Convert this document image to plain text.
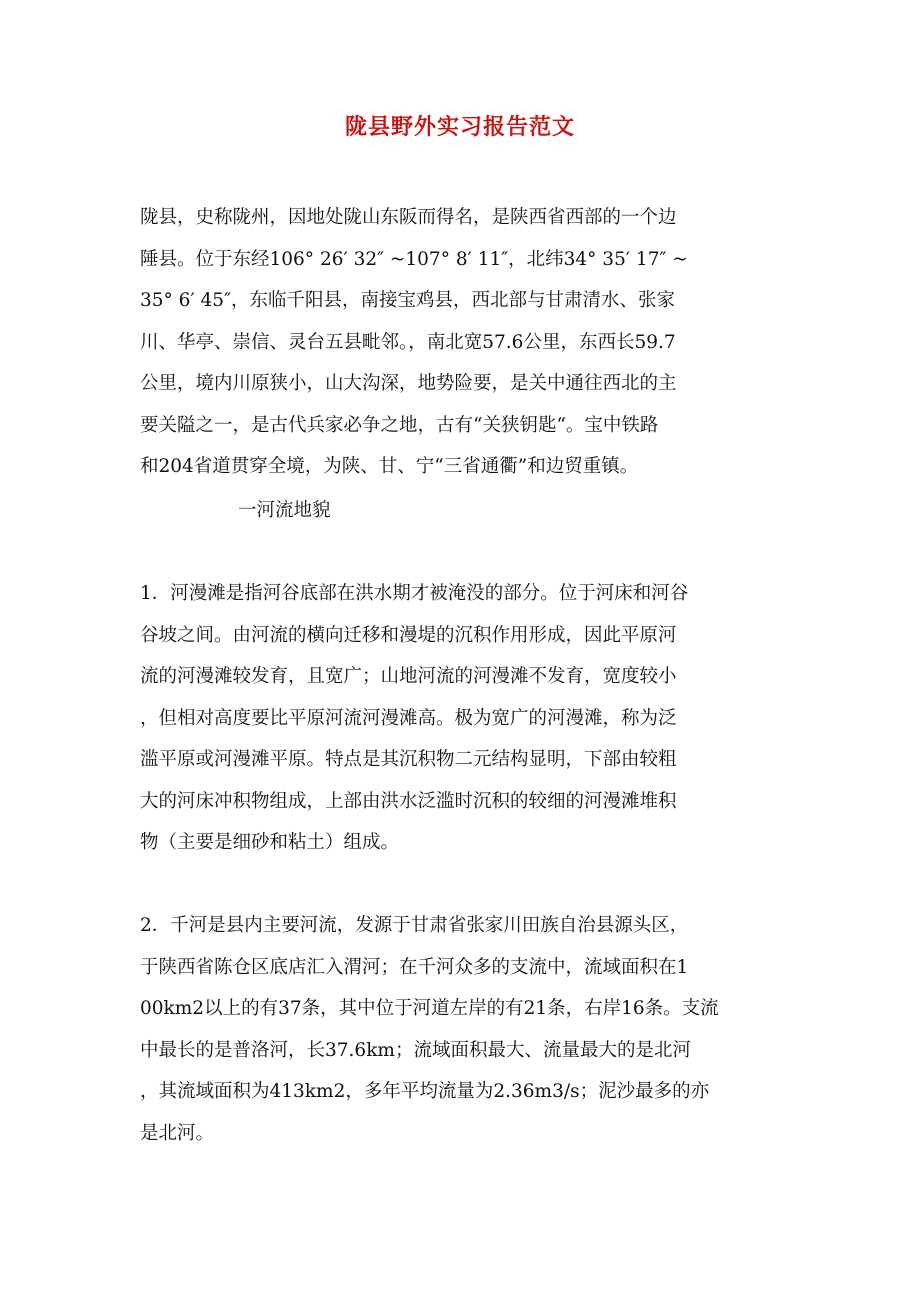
陇县野外实习报告范文
陇县，史称陇州，因地处陇山东阪而得名，是陕西省西部的一个边
陲县。位于东经106° 26′ 32″ ~107° 8′ 11″，北纬34° 35′ 17″ ~
35° 6′ 45″，东临千阳县，南接宝鸡县，西北部与甘肃清水、张家
川、华亭、崇信、灵台五县毗邻。，南北宽57.6公里，东西长59.7
公里，境内川原狭小，山大沟深，地势险要，是关中通往西北的主
要关隘之一，是古代兵家必争之地，古有“关狭钥匙“。宝中铁路
和204省道贯穿全境，为陕、甘、宁“三省通衢”和边贸重镇。
一河流地貌
1．河漫滩是指河谷底部在洪水期才被淹没的部分。位于河床和河谷
谷坡之间。由河流的横向迁移和漫堤的沉积作用形成，因此平原河
流的河漫滩较发育，且宽广；山地河流的河漫滩不发育，宽度较小
，但相对高度要比平原河流河漫滩高。极为宽广的河漫滩，称为泛
滥平原或河漫滩平原。特点是其沉积物二元结构显明，下部由较粗
大的河床冲积物组成，上部由洪水泛滥时沉积的较细的河漫滩堆积
物（主要是细砂和粘土）组成。
2．千河是县内主要河流，发源于甘肃省张家川田族自治县源头区，
于陕西省陈仓区底店汇入渭河；在千河众多的支流中，流域面积在1
00km2以上的有37条，其中位于河道左岸的有21条，右岸16条。支流
中最长的是普洛河，长37.6km；流域面积最大、流量最大的是北河
，其流域面积为413km2，多年平均流量为2.36m3/s；泥沙最多的亦
是北河。
